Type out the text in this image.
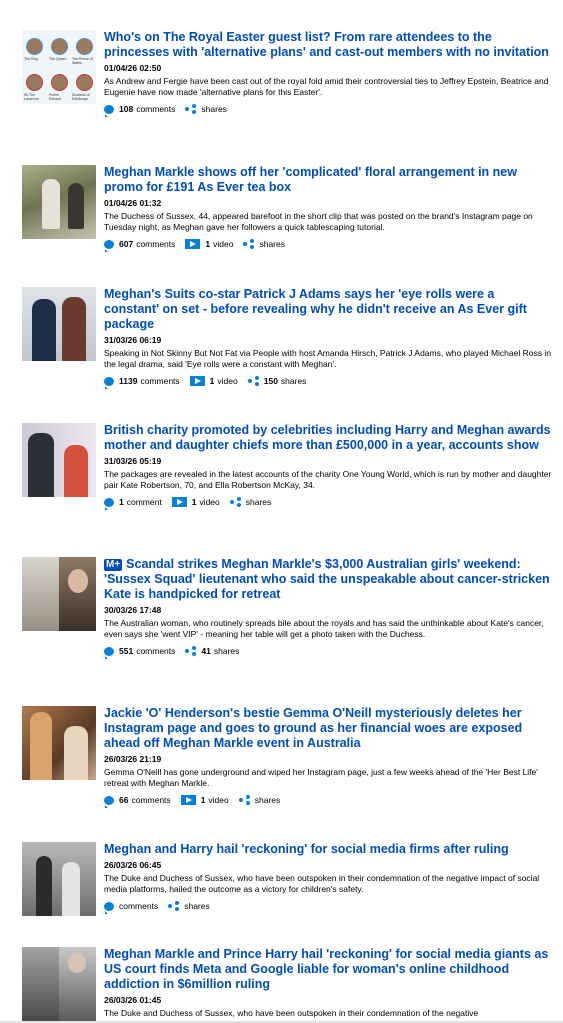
The King	The Queen The Prince of Wales
Sir Tim Laurence
Prince Edward
Duchess of Edinburgh
Who's on The Royal Easter guest list? From rare attendees to the princesses with 'alternative plans' and cast-out members with no invitation
01/04/26 02:50
As Andrew and Fergie have been cast out of the royal fold amid their controversial ties to Jeffrey Epstein, Beatrice and Eugenie have now made 'alternative plans for this Easter'.
108 comments	shares
Meghan Markle shows off her 'complicated' floral arrangement in new promo for £191 As Ever tea box
01/04/26 01:32
The Duchess of Sussex, 44, appeared barefoot in the short clip that was posted on the brand's Instagram page on Tuesday night, as Meghan gave her followers a quick tablescaping tutorial.
607 comments	1 video	shares
Meghan's Suits co-star Patrick J Adams says her 'eye rolls were a constant' on set - before revealing why he didn't receive an As Ever gift package
31/03/26 06:19
Speaking in Not Skinny But Not Fat via People with host Amanda Hirsch, Patrick J Adams, who played Michael Ross in the legal drama, said 'Eye rolls were a constant with Meghan'.
1139 comments	1 video	150 shares
British charity promoted by celebrities including Harry and Meghan awards mother and daughter chiefs more than £500,000 in a year, accounts show
31/03/26 05:19
The packages are revealed in the latest accounts of the charity One Young World, which is run by mother and daughter pair Kate Robertson, 70, and Ella Robertson McKay, 34.
1 comment	1 video	shares
M+ Scandal strikes Meghan Markle's $3,000 Australian girls' weekend: 'Sussex Squad' lieutenant who said the unspeakable about cancer-stricken Kate is handpicked for retreat
30/03/26 17:48
The Australian woman, who routinely spreads bile about the royals and has said the unthinkable about Kate's cancer, even says she 'went VIP' - meaning her table will get a photo taken with the Duchess.
551 comments	41 shares
Jackie 'O' Henderson's bestie Gemma O'Neill mysteriously deletes her Instagram page and goes to ground as her financial woes are exposed ahead off Meghan Markle event in Australia
26/03/26 21:19
Gemma O'Neill has gone underground and wiped her Instagram page, just a few weeks ahead of the 'Her Best Life' retreat with Meghan Markle.
66 comments	1 video	shares
Meghan and Harry hail 'reckoning' for social media firms after ruling
26/03/26 06:45
The Duke and Duchess of Sussex, who have been outspoken in their condemnation of the negative impact of social media platforms, hailed the outcome as a victory for children's safety.
comments	shares
Meghan Markle and Prince Harry hail 'reckoning' for social media giants as US court finds Meta and Google liable for woman's online childhood addiction in $6million ruling
26/03/26 01:45
The Duke and Duchess of Sussex, who have been outspoken in their condemnation of the negative
